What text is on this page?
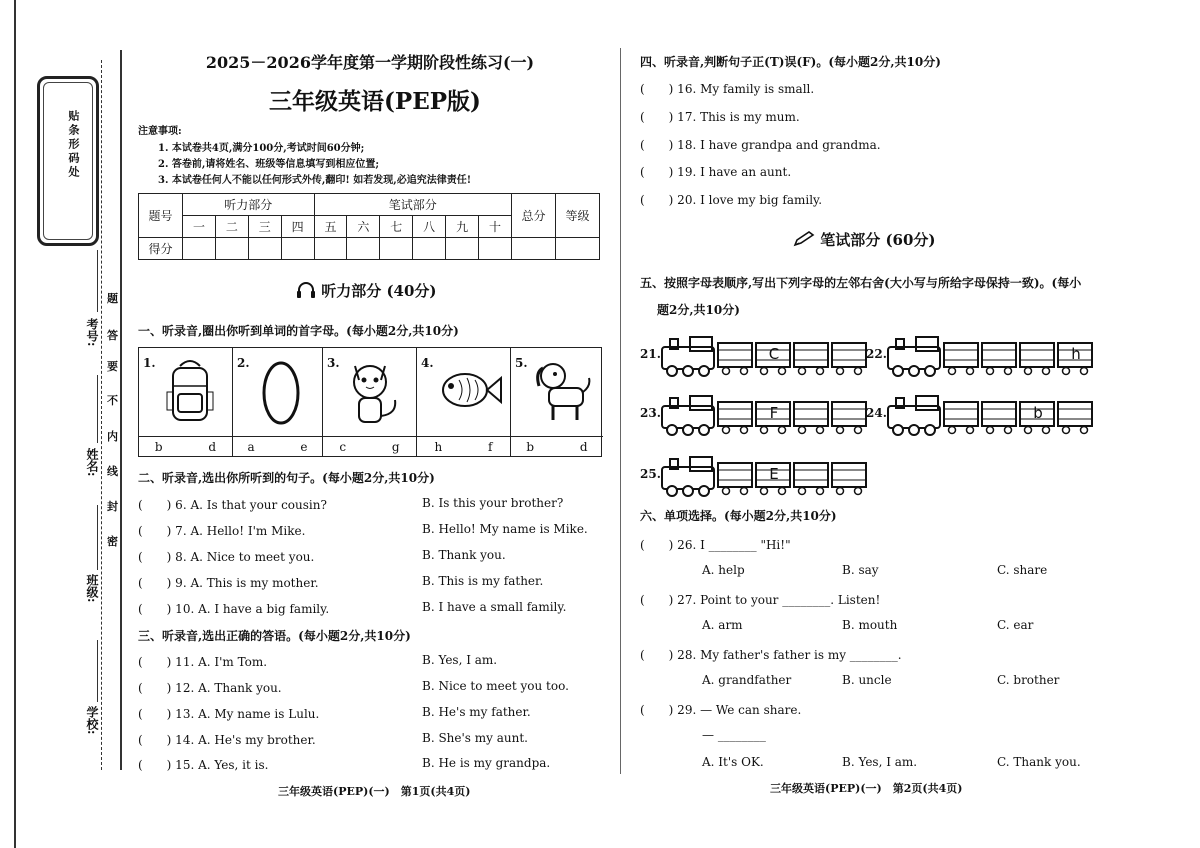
贴条形码处
考号:
姓名:
班级:
学校:
题
答
要
不
内
线
封
密
2025－2026学年度第一学期阶段性练习(一)
三年级英语(PEP版)
注意事项:
1. 本试卷共4页,满分100分,考试时间60分钟;
2. 答卷前,请将姓名、班级等信息填写到相应位置;
3. 本试卷任何人不能以任何形式外传,翻印! 如若发现,必追究法律责任!
题号	听力部分				笔试部分						总分	等级
	一	二	三	四	五	六	七	八	九	十		
得分												
听力部分 (40分)
一、听录音,圈出你听到单词的首字母。(每小题2分,共10分)
1.	2.	3.	4.	5.
b d	a e	c g	h f	b d
二、听录音,选出你所听到的句子。(每小题2分,共10分)
(　　) 6. A. Is that your cousin?	B. Is this your brother?
(　　) 7. A. Hello! I'm Mike.	B. Hello! My name is Mike.
(　　) 8. A. Nice to meet you.	B. Thank you.
(　　) 9. A. This is my mother.	B. This is my father.
(　　) 10. A. I have a big family.	B. I have a small family.
三、听录音,选出正确的答语。(每小题2分,共10分)
(　　) 11. A. I'm Tom.	B. Yes, I am.
(　　) 12. A. Thank you.	B. Nice to meet you too.
(　　) 13. A. My name is Lulu.	B. He's my father.
(　　) 14. A. He's my brother.	B. She's my aunt.
(　　) 15. A. Yes, it is.	B. He is my grandpa.
三年级英语(PEP)(一)　第1页(共4页)
四、听录音,判断句子正(T)误(F)。(每小题2分,共10分)
(　　) 16. My family is small.
(　　) 17. This is my mum.
(　　) 18. I have grandpa and grandma.
(　　) 19. I have an aunt.
(　　) 20. I love my big family.
笔试部分 (60分)
五、按照字母表顺序,写出下列字母的左邻右舍(大小写与所给字母保持一致)。(每小
题2分,共10分)
21.	C	22.	h
23.	F	24.	b
25.	E
六、单项选择。(每小题2分,共10分)
(　　) 26. I ________ "Hi!"
A. help	B. say	C. share
(　　) 27. Point to your ________. Listen!
A. arm	B. mouth	C. ear
(　　) 28. My father's father is my ________.
A. grandfather	B. uncle	C. brother
(　　) 29. — We can share.
— ________
A. It's OK.	B. Yes, I am.	C. Thank you.
三年级英语(PEP)(一)　第2页(共4页)
